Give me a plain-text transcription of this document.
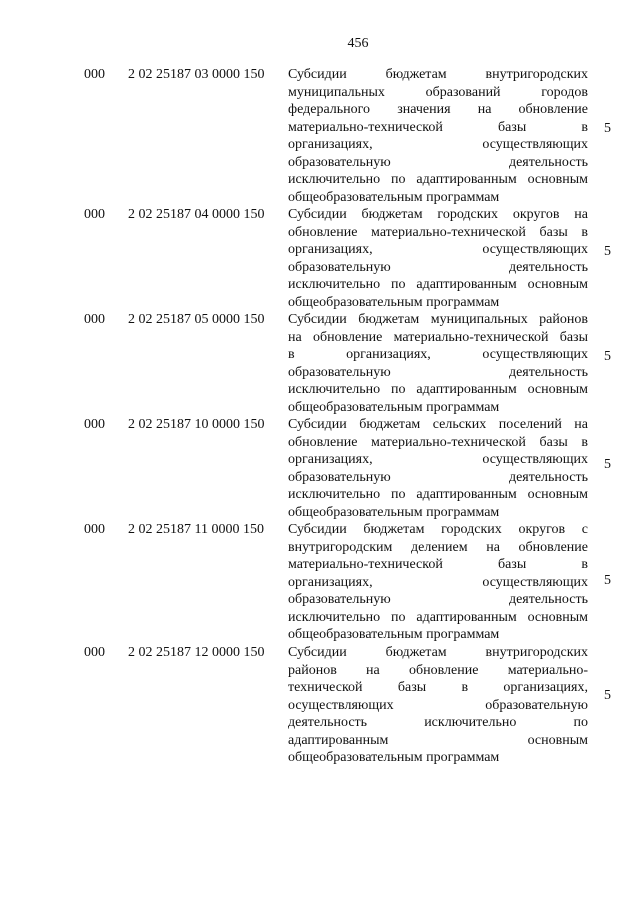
456
000 2 02 25187 03 0000 150 Субсидии бюджетам внутригородских
муниципальных образований городов
федерального значения на обновление
материально-технической базы в
организациях, осуществляющих
образовательную деятельность
исключительно по адаптированным основным
общеобразовательным программам
5
000 2 02 25187 04 0000 150 Субсидии бюджетам городских округов на
обновление материально-технической базы в
организациях, осуществляющих
образовательную деятельность
исключительно по адаптированным основным
общеобразовательным программам
5
000 2 02 25187 05 0000 150 Субсидии бюджетам муниципальных районов
на обновление материально-технической базы
в организациях, осуществляющих
образовательную деятельность
исключительно по адаптированным основным
общеобразовательным программам
5
000 2 02 25187 10 0000 150 Субсидии бюджетам сельских поселений на
обновление материально-технической базы в
организациях, осуществляющих
образовательную деятельность
исключительно по адаптированным основным
общеобразовательным программам
5
000 2 02 25187 11 0000 150 Субсидии бюджетам городских округов с
внутригородским делением на обновление
материально-технической базы в
организациях, осуществляющих
образовательную деятельность
исключительно по адаптированным основным
общеобразовательным программам
5
000 2 02 25187 12 0000 150 Субсидии бюджетам внутригородских
районов на обновление материально-
технической базы в организациях,
осуществляющих образовательную
деятельность исключительно по
адаптированным основным
общеобразовательным программам
5
